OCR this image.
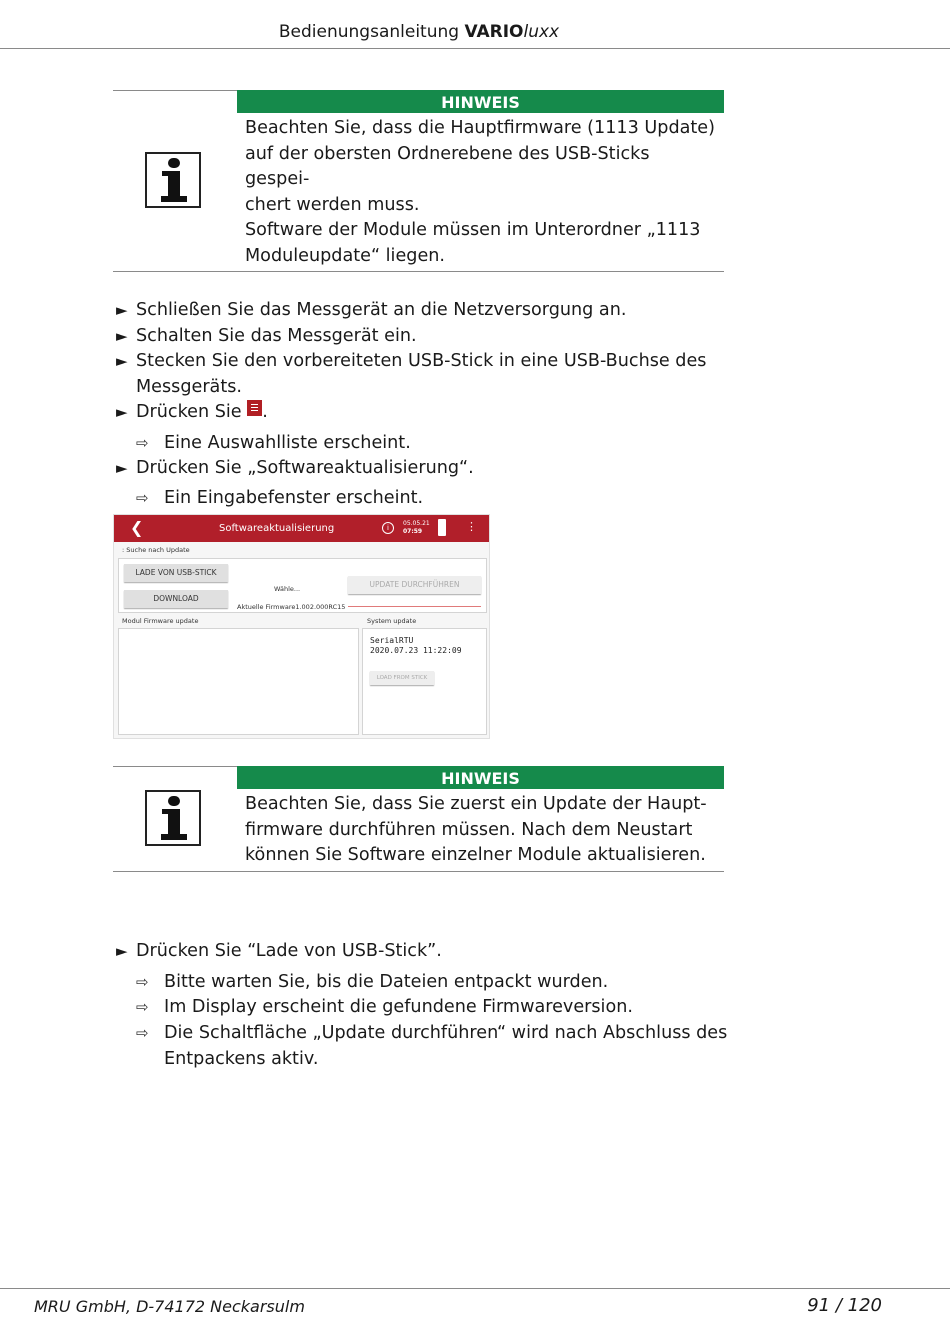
Bedienungsanleitung VARIOluxx
HINWEIS
Beachten Sie, dass die Hauptfirmware (1113 Update)
auf der obersten Ordnerebene des USB-Sticks gespei-
chert werden muss.
Software der Module müssen im Unterordner „1113
Moduleupdate“ liegen.
► Schließen Sie das Messgerät an die Netzversorgung an.
► Schalten Sie das Messgerät ein.
► Stecken Sie den vorbereiteten USB-Stick in eine USB-Buchse des
Messgeräts.
► Drücken Sie
.
⇨ Eine Auswahlliste erscheint.
► Drücken Sie „Softwareaktualisierung“.
⇨ Ein Eingabefenster erscheint.
❮	Softwareaktualisierung	i
05.05.21
07:59	⋮
: Suche nach Update
LADE VON USB-STICK
DOWNLOAD
Wähle...	UPDATE DURCHFÜHREN
Aktuelle Firmware1.002.000RC15
Modul Firmware update	System update
SerialRTU
2020.07.23 11:22:09
LOAD FROM STICK
HINWEIS
Beachten Sie, dass Sie zuerst ein Update der Haupt-
firmware durchführen müssen. Nach dem Neustart
können Sie Software einzelner Module aktualisieren.
► Drücken Sie “Lade von USB-Stick”.
⇨ Bitte warten Sie, bis die Dateien entpackt wurden.
⇨ Im Display erscheint die gefundene Firmwareversion.
⇨ Die Schaltfläche „Update durchführen“ wird nach Abschluss des
Entpackens aktiv.
MRU GmbH, D-74172 Neckarsulm	91 / 120
